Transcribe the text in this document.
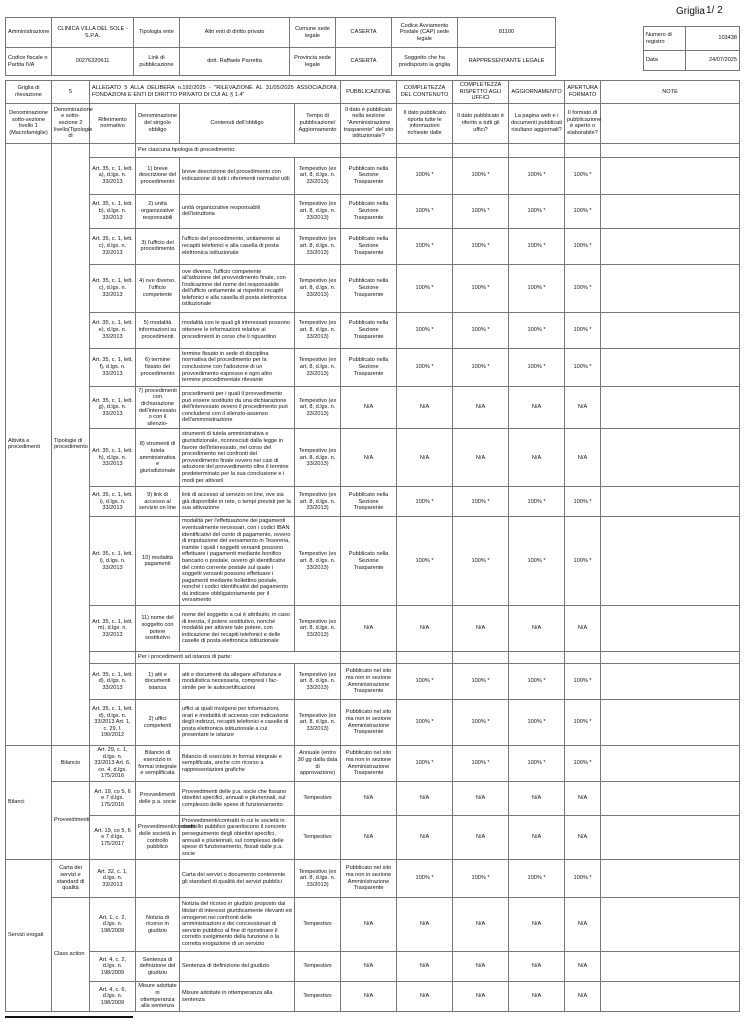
Griglia 1/ 2
Numero di registro	103438
Data	24/07/2025
Amministrazione	CLINICA VILLA DEL SOLE - S.P.A.	Tipologia ente	Altri enti di diritto privato	Comune sede legale	CASERTA	Codice Avviamento Postale (CAP) sede legale	81100
Codice fiscale o Partita IVA	00276320611	Link di pubblicazione	dott. Raffaele Parretta	Provincia sede legale	CASERTA	Soggetto che ha predisposto la griglia	RAPPRESENTANTE LEGALE
Griglia di rilevazione	5	ALLEGATO 5 ALLA DELIBERA n.192/2025 - "RILEVAZIONE AL 31/05/2025 ASSOCIAZIONI, FONDAZIONI E ENTI DI DIRITTO PRIVATO DI CUI AL § 1.4"				PUBBLICAZIONE	COMPLETEZZA DEL CONTENUTO	COMPLETEZZA RISPETTO AGLI UFFICI	AGGIORNAMENTO	APERTURA FORMATO	NOTE
Denominazione sotto-sezione livello 1 (Macrofamiglie)	Denominazione e sotto-sezione 2 livello(Tipologie di	Riferimento normativo	Denominazione del singolo obbligo	Contenuti dell'obbligo	Tempo di pubblicazione/ Aggiornamento	Il dato è pubblicato nella sezione "Amministrazione trasparente" del sito istituzionale?	Il dato pubblicato riporta tutte le informazioni richieste dalle	Il dato pubblicato è riferito a tutti gli uffici?	La pagina web e i documenti pubblicati risultano aggiornati?	Il formato di pubblicazione è aperto o elaborabile?	
Attività e procedimenti	Tipologie di procedimento		Per ciascuna tipologia di procedimento:								
		Art. 35, c. 1, lett. a), d.lgs. n. 33/2013	1) breve descrizione del procedimento	breve descrizione del procedimento con indicazione di tutti i riferimenti normativi utili	Tempestivo (ex art. 8, d.lgs. n. 33/2013)	Pubblicato nella Sezione Trasparente	100% *	100% *	100% *	100% *	
		Art. 35, c. 1, lett. b), d.lgs. n. 33/2013	2) unità organizzative responsabili	unità organizzative responsabili dell'istruttoria	Tempestivo (ex art. 8, d.lgs. n. 33/2013)	Pubblicato nella Sezione Trasparente	100% *	100% *	100% *	100% *	
		Art. 35, c. 1, lett. c), d.lgs. n. 33/2013	3) l'ufficio del procedimento	l'ufficio del procedimento, unitamente ai recapiti telefonici e alla casella di posta elettronica istituzionale	Tempestivo (ex art. 8, d.lgs. n. 33/2013)	Pubblicato nella Sezione Trasparente	100% *	100% *	100% *	100% *	
		Art. 35, c. 1, lett. c), d.lgs. n. 33/2013	4) ove diverso, l'ufficio competente	ove diverso, l'ufficio competente all'adozione del provvedimento finale, con l'indicazione del nome del responsabile dell'ufficio unitamente ai rispettivi recapiti telefonici e alla casella di posta elettronica istituzionale	Tempestivo (ex art. 8, d.lgs. n. 33/2013)	Pubblicato nella Sezione Trasparente	100% *	100% *	100% *	100% *	
		Art. 35, c. 1, lett. e), d.lgs. n. 33/2013	5) modalità informazioni su procedimenti	modalità con le quali gli interessati possono ottenere le informazioni relative ai procedimenti in corso che li riguardino	Tempestivo (ex art. 8, d.lgs. n. 33/2013)	Pubblicato nella Sezione Trasparente	100% *	100% *	100% *	100% *	
		Art. 35, c. 1, lett. f), d.lgs. n. 33/2013	6) termine fissato del procedimento	termine fissato in sede di disciplina normativa del procedimento per la conclusione con l'adozione di un provvedimento espresso e ogni altro termine procedimentale rilevante	Tempestivo (ex art. 8, d.lgs. n. 33/2013)	Pubblicato nella Sezione Trasparente	100% *	100% *	100% *	100% *	
		Art. 35, c. 1, lett. g), d.lgs. n. 33/2013	7) procedimenti con dichiarazione dell'interessato o con il silenzio-	procedimenti per i quali il provvedimento può essere sostituito da una dichiarazione dell'interessato ovvero il procedimento può concludersi con il silenzio-assenso dell'amministrazione	Tempestivo (ex art. 8, d.lgs. n. 33/2013)	N/A	N/A	N/A	N/A	N/A	
		Art. 35, c. 1, lett. h), d.lgs. n. 33/2013	8) strumenti di tutela amministrativa e giurisdizionale	strumenti di tutela amministrativa e giurisdizionale, riconosciuti dalla legge in favore dell'interessato, nel corso del procedimento nei confronti del provvedimento finale ovvero nei casi di adozione del provvedimento oltre il termine predeterminato per la sua conclusione e i modi per attivarli	Tempestivo (ex art. 8, d.lgs. n. 33/2013)	N/A	N/A	N/A	N/A	N/A	
		Art. 35, c. 1, lett. i), d.lgs. n. 33/2013	9) link di accesso al servizio on line	link di accesso al servizio on line, ove sia già disponibile in rete, o tempi previsti per la sua attivazione	Tempestivo (ex art. 8, d.lgs. n. 33/2013)	Pubblicato nella Sezione Trasparente	100% *	100% *	100% *	100% *	
		Art. 35, c. 1, lett. l), d.lgs. n. 33/2013	10) modalità pagamenti	modalità per l'effettuazione dei pagamenti eventualmente necessari, con i codici IBAN identificativi del conto di pagamento, ovvero di imputazione del versamento in Tesoreria, tramite i quali i soggetti versanti possono effettuare i pagamenti mediante bonifico bancario o postale, ovvero gli identificativi del conto corrente postale sul quale i soggetti versanti possono effettuare i pagamenti mediante bollettino postale, nonché i codici identificativi del pagamento da indicare obbligatoriamente per il versamento	Tempestivo (ex art. 8, d.lgs. n. 33/2013)	Pubblicato nella Sezione Trasparente	100% *	100% *	100% *	100% *	
		Art. 35, c. 1, lett. m), d.lgs. n. 33/2013	11) nome del soggetto con potere sostitutivo	nome del soggetto a cui è attribuito, in caso di inerzia, il potere sostitutivo, nonché modalità per attivare tale potere, con indicazione dei recapiti telefonici e delle caselle di posta elettronica istituzionale	Tempestivo (ex art. 8, d.lgs. n. 33/2013)	N/A	N/A	N/A	N/A	N/A	
			Per i procedimenti ad istanza di parte:								
		Art. 35, c. 1, lett. d), d.lgs. n. 33/2013	1) atti e documenti istanza	atti e documenti da allegare all'istanza e modulistica necessaria, compresi i fac-simile per le autocertificazioni	Tempestivo (ex art. 8, d.lgs. n. 33/2013)	Pubblicato nel sito ma non in sezione Amministrazione Trasparente	100% *	100% *	100% *	100% *	
		Art. 35, c. 1, lett. d), d.lgs. n. 33/2013 Art. 1, c. 29, l. 190/2012	2) uffici competenti	uffici ai quali rivolgersi per informazioni, orari e modalità di accesso con indicazione degli indirizzi, recapiti telefonici e caselle di posta elettronica istituzionale a cui presentare le istanze	Tempestivo (ex art. 8, d.lgs. n. 33/2013)	Pubblicato nel sito ma non in sezione Amministrazione Trasparente	100% *	100% *	100% *	100% *	
Bilanci	Bilancio	Art. 29, c. 1, d.lgs. n. 33/2013 Art. 6, co. 4, d.lgs. 175/2016	Bilancio di esercizio in formai integrale e semplificata	Bilancio di esercizio in formai integrale e semplificata, anche con ricorso a rappresentazioni grafiche	Annuale (entro 30 gg dalla data di approvazione)	Pubblicato nel sito ma non in sezione Amministrazione Trasparente	100% *	100% *	100% *	100% *	
	Provvedimenti	Art. 19, co 5, 6 e 7 d.lgs. 175/2016	Provvedimenti delle p.a. socie	Provvedimenti delle p.a. socie che fissano obiettivi specifici, annuali e pluriennali, sul complesso delle spese di funzionamento	Tempestivo	N/A	N/A	N/A	N/A	N/A	
		Art. 19, co 5, 6 e 7 d.lgs. 175/2017	Provvedimenti/contratti delle società in controllo pubblico	Provvedimenti/contratti in cui le società in controllo pubblico garantiscono il concreto perseguimento degli obiettivi specifici, annuali e pluriennali, sul complesso delle spese di funzionamento, fissati dalle p.a. socie	Tempestivo	N/A	N/A	N/A	N/A	N/A	
Servizi erogati	Carta dei servizi e standard di qualità	Art. 32, c. 1, d.lgs. n. 33/2013		Carta dei servizi o documento contenente gli standard di qualità dei servizi pubblici	Tempestivo (ex art. 8, d.lgs. n. 33/2013)	Pubblicato nel sito ma non in sezione Amministrazione Trasparente	100% *	100% *	100% *	100% *	
	Class action	Art. 1, c. 2, d.lgs. n. 198/2009	Notizia di ricorso in giudizio	Notizia del ricorso in giudizio proposto dai titolari di interessi giuridicamente rilevanti ed omogenei nei confronti delle amministrazioni e dei concessionari di servizio pubblico al fine di ripristinare il corretto svolgimento della funzione o la corretta erogazione di un servizio	Tempestivo	N/A	N/A	N/A	N/A	N/A	
		Art. 4, c. 2, d.lgs. n. 198/2009	Sentenza di definizione del giudizio	Sentenza di definizione del giudizio	Tempestivo	N/A	N/A	N/A	N/A	N/A	
		Art. 4, c. 6, d.lgs. n. 198/2009	Misure adottate in ottemperanza alla sentenza	Misure adottate in ottemperanza alla sentenza	Tempestivo	N/A	N/A	N/A	N/A	N/A	
